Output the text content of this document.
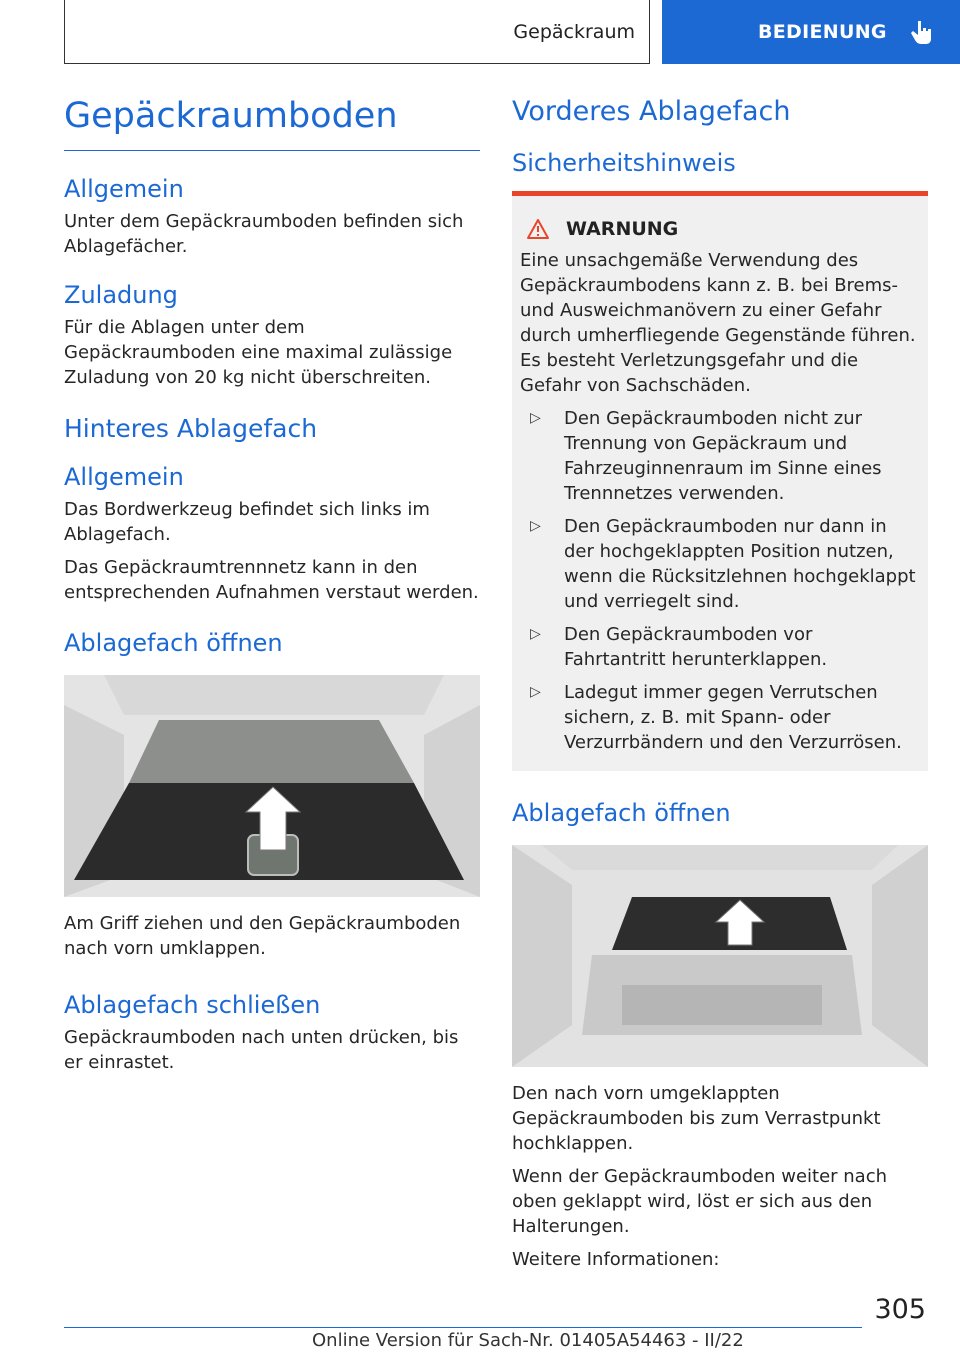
Gepäckraum	BEDIENUNG
Gepäckraumboden
Allgemein

Unter dem Gepäckraumboden befinden sich Ablagefächer.

Zuladung

Für die Ablagen unter dem Gepäckraumboden eine maximal zulässige Zuladung von 20 kg nicht überschreiten.

Hinteres Ablagefach
Allgemein

Das Bordwerkzeug befindet sich links im Ablagefach.

Das Gepäckraumtrennnetz kann in den entsprechenden Aufnahmen verstaut werden.

Ablagefach öffnen

Am Griff ziehen und den Gepäckraumboden nach vorn umklappen.

Ablagefach schließen

Gepäckraumboden nach unten drücken, bis er einrastet.

Vorderes Ablagefach
Sicherheitshinweis
WARNUNG

Eine unsachgemäße Verwendung des Gepäckraumbodens kann z. B. bei Brems- und Ausweichmanövern zu einer Gefahr durch umherfliegende Gegenstände führen. Es besteht Verletzungsgefahr und die Gefahr von Sachschäden.

▷	Den Gepäckraumboden nicht zur Trennung von Gepäckraum und Fahrzeuginnenraum im Sinne eines Trennnetzes verwenden.
▷	Den Gepäckraumboden nur dann in der hochgeklappten Position nutzen, wenn die Rücksitzlehnen hochgeklappt und verriegelt sind.
▷	Den Gepäckraumboden vor Fahrtantritt herunterklappen.
▷	Ladegut immer gegen Verrutschen sichern, z. B. mit Spann- oder Verzurrbändern und den Verzurrösen.
Ablagefach öffnen

Den nach vorn umgeklappten Gepäckraumboden bis zum Verrastpunkt hochklappen.

Wenn der Gepäckraumboden weiter nach oben geklappt wird, löst er sich aus den Halterungen.

Weitere Informationen:

305
Online Version für Sach-Nr. 01405A54463 - II/22
